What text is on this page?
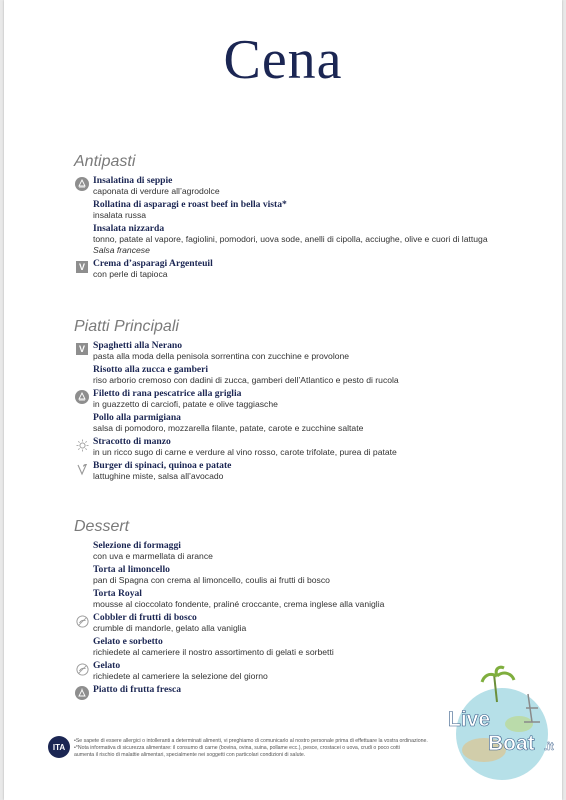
Cena
Antipasti
Insalatina di seppie
caponata di verdure all’agrodolce
Rollatina di asparagi e roast beef in bella vista*
insalata russa
Insalata nizzarda
tonno, patate al vapore, fagiolini, pomodori, uova sode, anelli di cipolla, acciughe, olive e cuori di lattuga
Salsa francese
V Crema d’asparagi Argenteuil
con perle di tapioca
Piatti Principali
V Spaghetti alla Nerano
pasta alla moda della penisola sorrentina con zucchine e provolone
Risotto alla zucca e gamberi
riso arborio cremoso con dadini di zucca, gamberi dell’Atlantico e pesto di rucola
Filetto di rana pescatrice alla griglia
in guazzetto di carciofi, patate e olive taggiasche
Pollo alla parmigiana
salsa di pomodoro, mozzarella filante, patate, carote e zucchine saltate
Stracotto di manzo
in un ricco sugo di carne e verdure al vino rosso, carote trifolate, purea di patate
Burger di spinaci, quinoa e patate
lattughine miste, salsa all’avocado
Dessert
Selezione di formaggi
con uva e marmellata di arance
Torta al limoncello
pan di Spagna con crema al limoncello, coulis ai frutti di bosco
Torta Royal
mousse al cioccolato fondente, praliné croccante, crema inglese alla vaniglia
Cobbler di frutti di bosco
crumble di mandorle, gelato alla vaniglia
Gelato e sorbetto
richiedete al cameriere il nostro assortimento di gelati e sorbetti
Gelato
richiedete al cameriere la selezione del giorno
Piatto di frutta fresca
ITA
•Se sapete di essere allergici o intolleranti a determinati alimenti, vi preghiamo di comunicarlo al nostro personale prima di effettuare la vostra ordinazione.
•*Nota informativa di sicurezza alimentare: il consumo di carne (bovina, ovina, suina, pollame ecc.), pesce, crostacei o uova, crudi o poco cotti
aumenta il rischio di malattie alimentari, specialmente nei soggetti con particolari condizioni di salute.
Live
Boat .it
